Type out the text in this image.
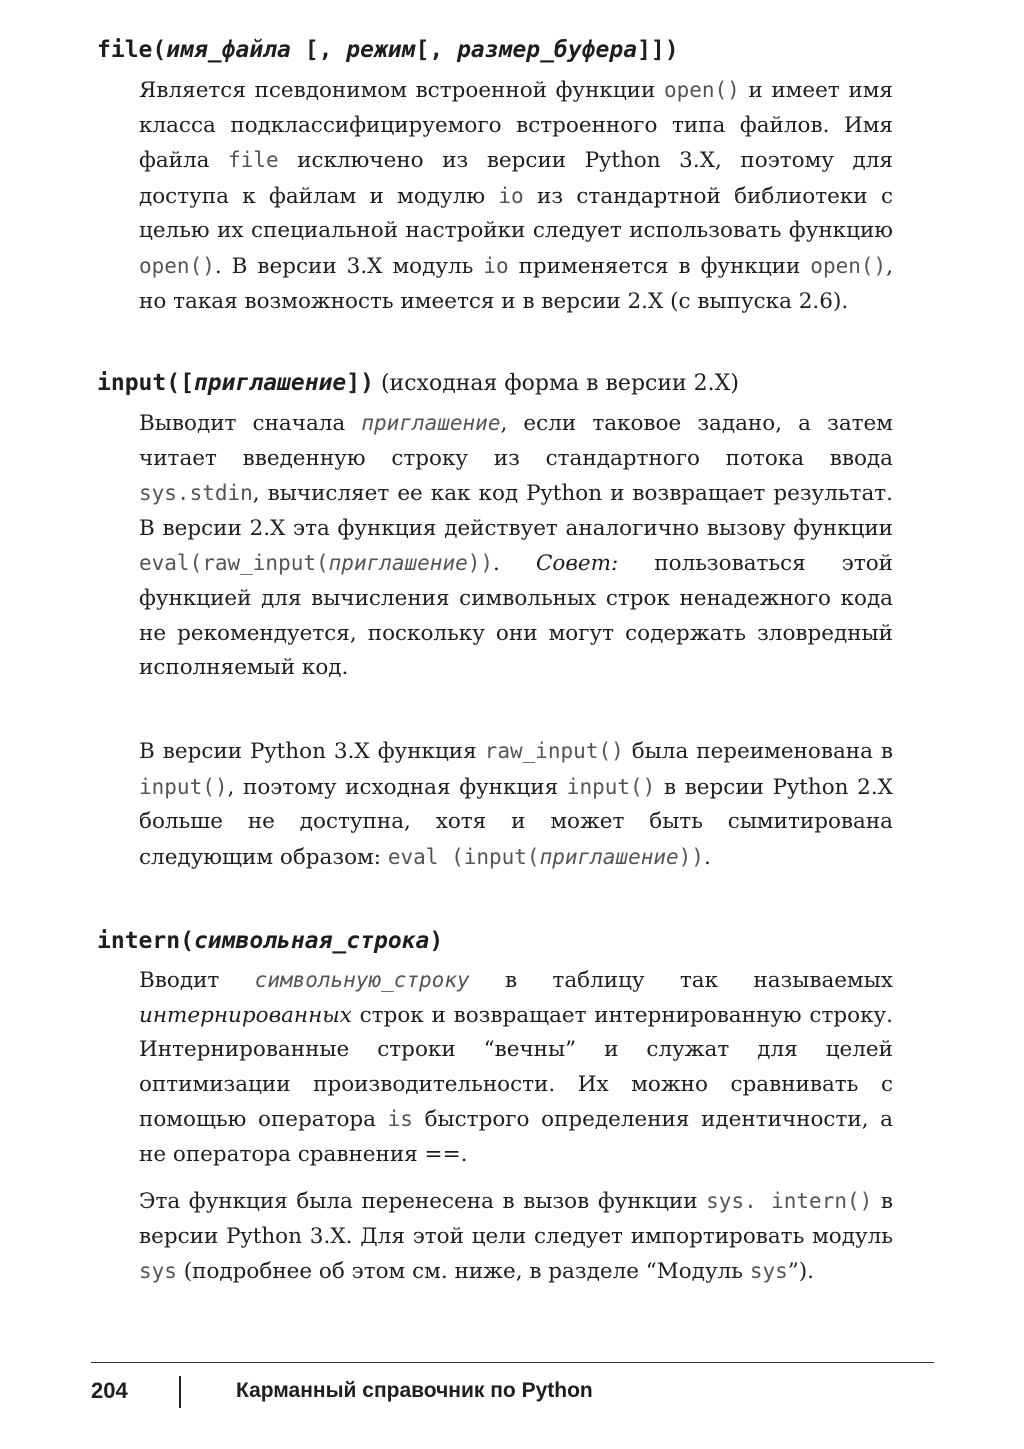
file(имя_файла [, режим[, размер_буфера]])

Является псевдонимом встроенной функции open() и имеет имя класса подклассифицируемого встроенного типа файлов. Имя файла file исключено из версии Python 3.X, поэтому для доступа к файлам и модулю io из стандартной библиотеки с целью их специальной настройки следует использовать функцию open(). В версии 3.X модуль io применяется в функции open(), но такая возможность имеется и в версии 2.X (с выпуска 2.6).

input([приглашение]) (исходная форма в версии 2.X)

Выводит сначала приглашение, если таковое задано, а затем читает введенную строку из стандартного потока ввода sys.stdin, вычисляет ее как код Python и возвращает результат. В версии 2.X эта функция действует аналогично вызову функции eval(raw_input(приглашение)). Совет: пользоваться этой функцией для вычисления символьных строк ненадежного кода не рекомендуется, поскольку они могут содержать зловредный исполняемый код.

В версии Python 3.X функция raw_input() была переименована в input(), поэтому исходная функция input() в версии Python 2.X больше не доступна, хотя и может быть сымитирована следующим образом: eval (input(приглашение)).

intern(символьная_строка)

Вводит символьную_строку в таблицу так называемых интернированных строк и возвращает интернированную строку. Интернированные строки “вечны” и служат для целей оптимизации производительности. Их можно сравнивать с помощью оператора is быстрого определения идентичности, а не оператора сравнения ==.

Эта функция была перенесена в вызов функции sys. intern() в версии Python 3.X. Для этой цели следует импортировать модуль sys (подробнее об этом см. ниже, в разделе “Модуль sys”).

204	Карманный справочник по Python
